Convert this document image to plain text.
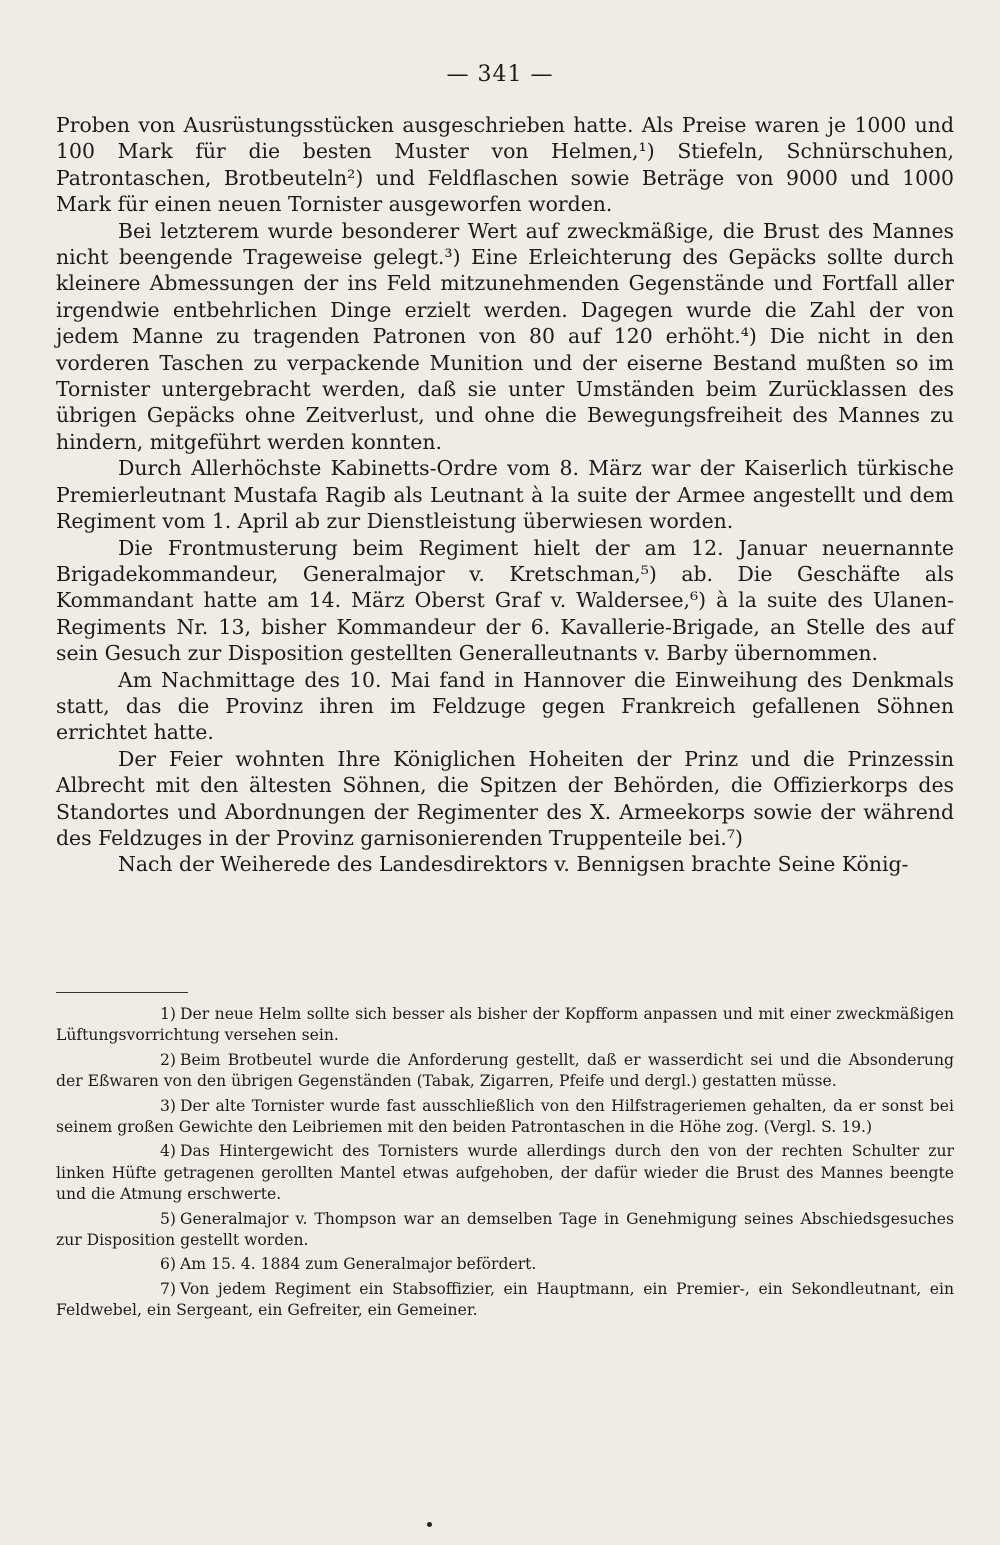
— 341 —

Proben von Ausrüstungsstücken ausgeschrieben hatte. Als Preise waren je 1000 und 100 Mark für die besten Muster von Helmen,¹) Stiefeln, Schnürschuhen, Patrontaschen, Brotbeuteln²) und Feldflaschen sowie Beträge von 9000 und 1000 Mark für einen neuen Tornister ausgeworfen worden.

Bei letzterem wurde besonderer Wert auf zweckmäßige, die Brust des Mannes nicht beengende Trageweise gelegt.³) Eine Erleichterung des Gepäcks sollte durch kleinere Abmessungen der ins Feld mitzunehmenden Gegenstände und Fortfall aller irgendwie entbehrlichen Dinge erzielt werden. Dagegen wurde die Zahl der von jedem Manne zu tragenden Patronen von 80 auf 120 erhöht.⁴) Die nicht in den vorderen Taschen zu verpackende Munition und der eiserne Bestand mußten so im Tornister untergebracht werden, daß sie unter Umständen beim Zurücklassen des übrigen Gepäcks ohne Zeitverlust, und ohne die Bewegungsfreiheit des Mannes zu hindern, mitgeführt werden konnten.

Durch Allerhöchste Kabinetts-Ordre vom 8. März war der Kaiserlich türkische Premierleutnant Mustafa Ragib als Leutnant à la suite der Armee angestellt und dem Regiment vom 1. April ab zur Dienstleistung überwiesen worden.

Die Frontmusterung beim Regiment hielt der am 12. Januar neuernannte Brigadekommandeur, Generalmajor v. Kretschman,⁵) ab. Die Geschäfte als Kommandant hatte am 14. März Oberst Graf v. Waldersee,⁶) à la suite des Ulanen-Regiments Nr. 13, bisher Kommandeur der 6. Kavallerie-Brigade, an Stelle des auf sein Gesuch zur Disposition gestellten Generalleutnants v. Barby übernommen.

Am Nachmittage des 10. Mai fand in Hannover die Einweihung des Denkmals statt, das die Provinz ihren im Feldzuge gegen Frankreich gefallenen Söhnen errichtet hatte.

Der Feier wohnten Ihre Königlichen Hoheiten der Prinz und die Prinzessin Albrecht mit den ältesten Söhnen, die Spitzen der Behörden, die Offizierkorps des Standortes und Abordnungen der Regimenter des X. Armeekorps sowie der während des Feldzuges in der Provinz garnisonierenden Truppenteile bei.⁷)

Nach der Weiherede des Landesdirektors v. Bennigsen brachte Seine König-

1) Der neue Helm sollte sich besser als bisher der Kopfform anpassen und mit einer zweckmäßigen Lüftungsvorrichtung versehen sein.

2) Beim Brotbeutel wurde die Anforderung gestellt, daß er wasserdicht sei und die Absonderung der Eßwaren von den übrigen Gegenständen (Tabak, Zigarren, Pfeife und dergl.) gestatten müsse.

3) Der alte Tornister wurde fast ausschließlich von den Hilfstrageriemen gehalten, da er sonst bei seinem großen Gewichte den Leibriemen mit den beiden Patrontaschen in die Höhe zog. (Vergl. S. 19.)

4) Das Hintergewicht des Tornisters wurde allerdings durch den von der rechten Schulter zur linken Hüfte getragenen gerollten Mantel etwas aufgehoben, der dafür wieder die Brust des Mannes beengte und die Atmung erschwerte.

5) Generalmajor v. Thompson war an demselben Tage in Genehmigung seines Abschiedsgesuches zur Disposition gestellt worden.

6) Am 15. 4. 1884 zum Generalmajor befördert.

7) Von jedem Regiment ein Stabsoffizier, ein Hauptmann, ein Premier-, ein Sekondleutnant, ein Feldwebel, ein Sergeant, ein Gefreiter, ein Gemeiner.
